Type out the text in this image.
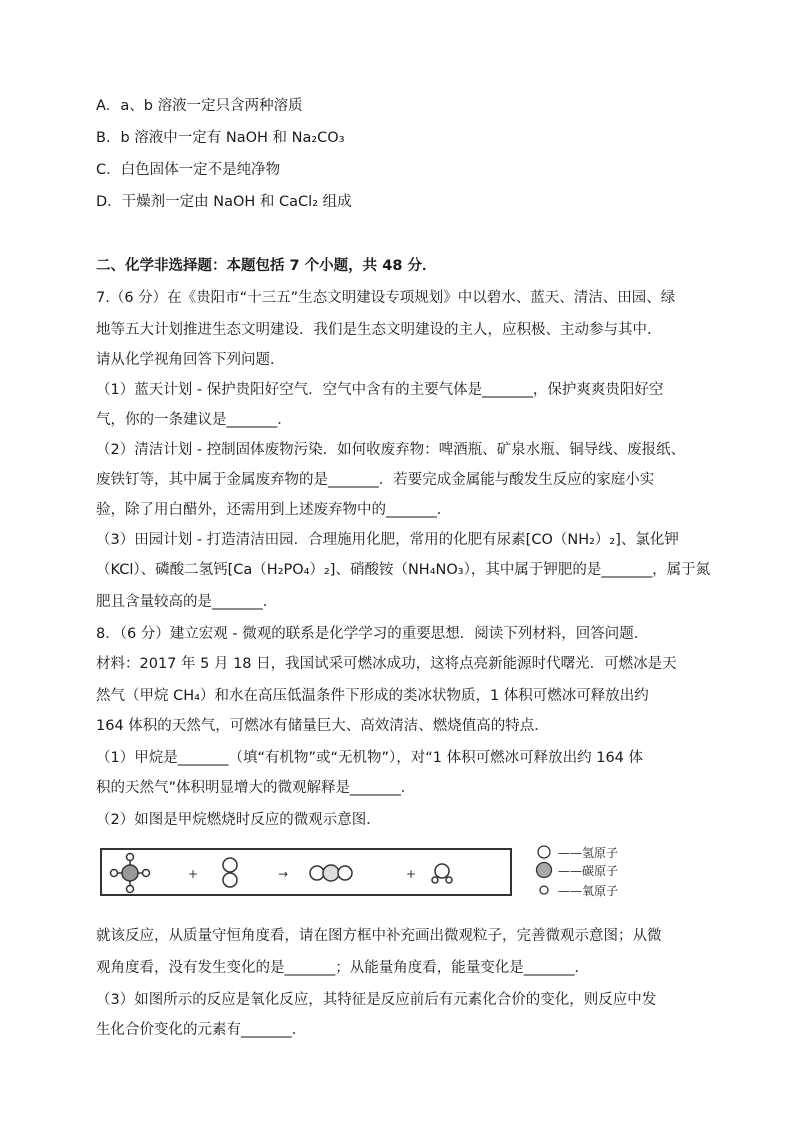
A．a、b 溶液一定只含两种溶质
B．b 溶液中一定有 NaOH 和 Na₂CO₃
C．白色固体一定不是纯净物
D．干燥剂一定由 NaOH 和 CaCl₂ 组成
二、化学非选择题：本题包括 7 个小题，共 48 分．
7.（6 分）在《贵阳市“十三五”生态文明建设专项规划》中以碧水、蓝天、清洁、田园、绿
地等五大计划推进生态文明建设．我们是生态文明建设的主人，应积极、主动参与其中．
请从化学视角回答下列问题．
（1）蓝天计划 - 保护贵阳好空气．空气中含有的主要气体是_______，保护爽爽贵阳好空
气，你的一条建议是_______．
（2）清洁计划 - 控制固体废物污染．如何收废弃物：啤酒瓶、矿泉水瓶、铜导线、废报纸、
废铁钉等，其中属于金属废弃物的是_______．若要完成金属能与酸发生反应的家庭小实
验，除了用白醋外，还需用到上述废弃物中的_______．
（3）田园计划 - 打造清洁田园．合理施用化肥，常用的化肥有尿素[CO（NH₂）₂]、氯化钾
（KCl）、磷酸二氢钙[Ca（H₂PO₄）₂]、硝酸铵（NH₄NO₃），其中属于钾肥的是_______，属于氮
肥且含量较高的是_______．
8．（6 分）建立宏观 - 微观的联系是化学学习的重要思想．阅读下列材料，回答问题．
材料：2017 年 5 月 18 日，我国试采可燃冰成功，这将点亮新能源时代曙光．可燃冰是天
然气（甲烷 CH₄）和水在高压低温条件下形成的类冰状物质，1 体积可燃冰可释放出约
164 体积的天然气，可燃冰有储量巨大、高效清洁、燃烧值高的特点．
（1）甲烷是_______（填“有机物”或“无机物”），对“1 体积可燃冰可释放出约 164 体
积的天然气”体积明显增大的微观解释是_______．
（2）如图是甲烷燃烧时反应的微观示意图．
+	→	+
——氢原子
——碳原子
——氧原子
就该反应，从质量守恒角度看，请在图方框中补充画出微观粒子，完善微观示意图；从微
观角度看，没有发生变化的是_______；从能量角度看，能量变化是_______．
（3）如图所示的反应是氧化反应，其特征是反应前后有元素化合价的变化，则反应中发
生化合价变化的元素有_______．
